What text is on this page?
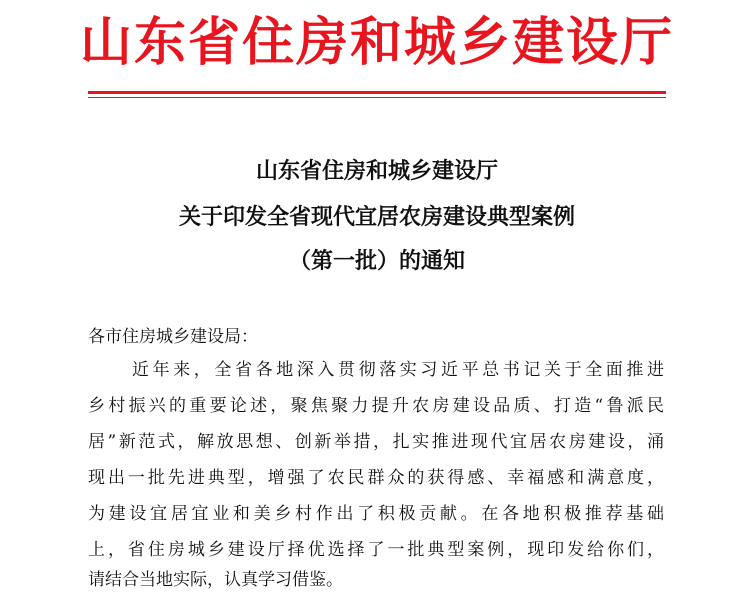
山东省住房和城乡建设厅
山东省住房和城乡建设厅
关于印发全省现代宜居农房建设典型案例
（第一批）的通知
各市住房城乡建设局：
近年来，全省各地深入贯彻落实习近平总书记关于全面推进
乡村振兴的重要论述，聚焦聚力提升农房建设品质、打造“鲁派民
居”新范式，解放思想、创新举措，扎实推进现代宜居农房建设，涌
现出一批先进典型，增强了农民群众的获得感、幸福感和满意度，
为建设宜居宜业和美乡村作出了积极贡献。在各地积极推荐基础
上，省住房城乡建设厅择优选择了一批典型案例，现印发给你们，
请结合当地实际，认真学习借鉴。
